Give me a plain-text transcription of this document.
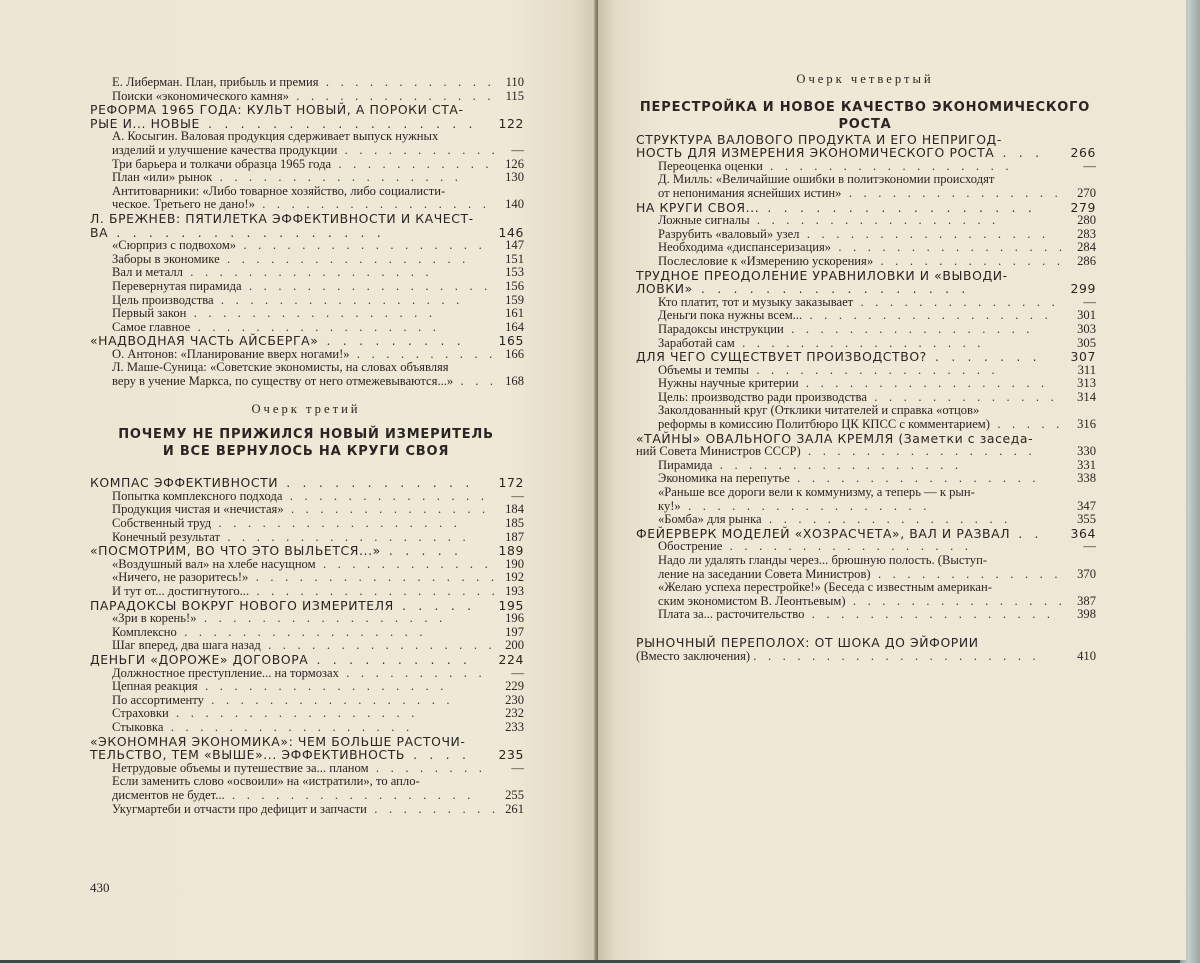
Е. Либерман. План, прибыль и премия . . . . . . . . . . . . 110
Поиски «экономического камня» . . . . . . . . . . . . . . 115
РЕФОРМА 1965 ГОДА: КУЛЬТ НОВЫЙ, А ПОРОКИ СТА-
РЫЕ И... НОВЫЕ . . . . . . . . . . . . . . . . .	122
А. Косыгин. Валовая продукция сдерживает выпуск нужных
изделий и улучшение качества продукции . . . . . . . . . . . —
Три барьера и толкачи образца 1965 года . . . . . . . . . . . 126
План «или» рынок . . . . . . . . . . . . . . . . .	130
Антитоварники: «Либо товарное хозяйство, либо социалисти-
ческое. Третьего не дано!» . . . . . . . . . . . . . . . .	140
Л. БРЕЖНЕВ: ПЯТИЛЕТКА ЭФФЕКТИВНОСТИ И КАЧЕСТ-
ВА . . . . . . . . . . . . . . . . .	146
«Сюрприз с подвохом» . . . . . . . . . . . . . . . . .	147
Заборы в экономике . . . . . . . . . . . . . . . . .	151
Вал и металл . . . . . . . . . . . . . . . . .	153
Перевернутая пирамида . . . . . . . . . . . . . . . . .	156
Цель производства . . . . . . . . . . . . . . . . .	159
Первый закон . . . . . . . . . . . . . . . . .	161
Самое главное . . . . . . . . . . . . . . . . .	164
«НАДВОДНАЯ ЧАСТЬ АЙСБЕРГА» . . . . . . . . .	165
О. Антонов: «Планирование вверх ногами!» . . . . . . . . . . 166
Л. Маше-Суница: «Советские экономисты, на словах объявляя
веру в учение Маркса, по существу от него отмежевываются...» . . . 168
Очерк третий
ПОЧЕМУ НЕ ПРИЖИЛСЯ НОВЫЙ ИЗМЕРИТЕЛЬ
И ВСЕ ВЕРНУЛОСЬ НА КРУГИ СВОЯ
КОМПАС ЭФФЕКТИВНОСТИ . . . . . . . . . . . .	172
Попытка комплексного подхода . . . . . . . . . . . . . .	—
Продукция чистая и «нечистая» . . . . . . . . . . . . . .	184
Собственный труд . . . . . . . . . . . . . . . . .	185
Конечный результат . . . . . . . . . . . . . . . . .	187
«ПОСМОТРИМ, ВО ЧТО ЭТО ВЫЛЬЕТСЯ...» . . . . .	189
«Воздушный вал» на хлебе насущном . . . . . . . . . . . .	190
«Ничего, не разоритесь!» . . . . . . . . . . . . . . . . . 192
И тут от... достигнутого... . . . . . . . . . . . . . . . . . 193
ПАРАДОКСЫ ВОКРУГ НОВОГО ИЗМЕРИТЕЛЯ . . . . .	195
«Зри в корень!» . . . . . . . . . . . . . . . . .	196
Комплексно . . . . . . . . . . . . . . . . .	197
Шаг вперед, два шага назад . . . . . . . . . . . . . . . . 200
ДЕНЬГИ «ДОРОЖЕ» ДОГОВОРА . . . . . . . . . .	224
Должностное преступление... на тормозах . . . . . . . . . .	—
Цепная реакция . . . . . . . . . . . . . . . . .	229
По ассортименту . . . . . . . . . . . . . . . . .	230
Страховки . . . . . . . . . . . . . . . . .	232
Стыковка . . . . . . . . . . . . . . . . .	233
«ЭКОНОМНАЯ ЭКОНОМИКА»: ЧЕМ БОЛЬШЕ РАСТОЧИ-
ТЕЛЬСТВО, ТЕМ «ВЫШЕ»... ЭФФЕКТИВНОСТЬ . . . .	235
Нетрудовые объемы и путешествие за... планом . . . . . . . .	—
Если заменить слово «освоили» на «истратили», то апло-
дисментов не будет... . . . . . . . . . . . . . . . . .	255
Укугмартеби и отчасти про дефицит и запчасти . . . . . . . . . 261
430
Очерк четвертый
ПЕРЕСТРОЙКА И НОВОЕ КАЧЕСТВО ЭКОНОМИЧЕСКОГО
РОСТА
СТРУКТУРА ВАЛОВОГО ПРОДУКТА И ЕГО НЕПРИГОД-
НОСТЬ ДЛЯ ИЗМЕРЕНИЯ ЭКОНОМИЧЕСКОГО РОСТА . . .	266
Переоценка оценки . . . . . . . . . . . . . . . . .	—
Д. Милль: «Величайшие ошибки в политэкономии происходят
от непонимания яснейших истин» . . . . . . . . . . . . . . .	270
НА КРУГИ СВОЯ... . . . . . . . . . . . . . . . . .	279
Ложные сигналы . . . . . . . . . . . . . . . . .	280
Разрубить «валовый» узел . . . . . . . . . . . . . . . . .	283
Необходима «диспансеризация» . . . . . . . . . . . . . . . . 284
Послесловие к «Измерению ускорения» . . . . . . . . . . . . .	286
ТРУДНОЕ ПРЕОДОЛЕНИЕ УРАВНИЛОВКИ И «ВЫВОДИ-
ЛОВКИ» . . . . . . . . . . . . . . . . .	299
Кто платит, тот и музыку заказывает . . . . . . . . . . . . . .	—
Деньги пока нужны всем... . . . . . . . . . . . . . . . . .	301
Парадоксы инструкции . . . . . . . . . . . . . . . . .	303
Заработай сам . . . . . . . . . . . . . . . . .	305
ДЛЯ ЧЕГО СУЩЕСТВУЕТ ПРОИЗВОДСТВО? . . . . . . .	307
Объемы и темпы . . . . . . . . . . . . . . . . .	311
Нужны научные критерии . . . . . . . . . . . . . . . . .	313
Цель: производство ради производства . . . . . . . . . . . . .	314
Заколдованный круг (Отклики читателей и справка «отцов»
реформы в комиссию Политбюро ЦК КПСС с комментарием) . . . . .	316
«ТАЙНЫ» ОВАЛЬНОГО ЗАЛА КРЕМЛЯ (Заметки с заседа-
ний Совета Министров СССР) . . . . . . . . . . . . . . . .	330
Пирамида . . . . . . . . . . . . . . . . .	331
Экономика на перепутье . . . . . . . . . . . . . . . . .	338
«Раньше все дороги вели к коммунизму, а теперь — к рын-
ку!» . . . . . . . . . . . . . . . . .	347
«Бомба» для рынка . . . . . . . . . . . . . . . . .	355
ФЕЙЕРВЕРК МОДЕЛЕЙ «ХОЗРАСЧЕТА», ВАЛ И РАЗВАЛ . .	364
Обострение . . . . . . . . . . . . . . . . .	—
Надо ли удалять гланды через... брюшную полость. (Выступ-
ление на заседании Совета Министров) . . . . . . . . . . . . .	370
«Желаю успеха перестройке!» (Беседа с известным американ-
ским экономистом В. Леонтьевым) . . . . . . . . . . . . . . . 387
Плата за... расточительство . . . . . . . . . . . . . . . . .	398
РЫНОЧНЫЙ ПЕРЕПОЛОХ: ОТ ШОКА ДО ЭЙФОРИИ
(Вместо заключения) . . . . . . . . . . . . . . . . . . . .	410
